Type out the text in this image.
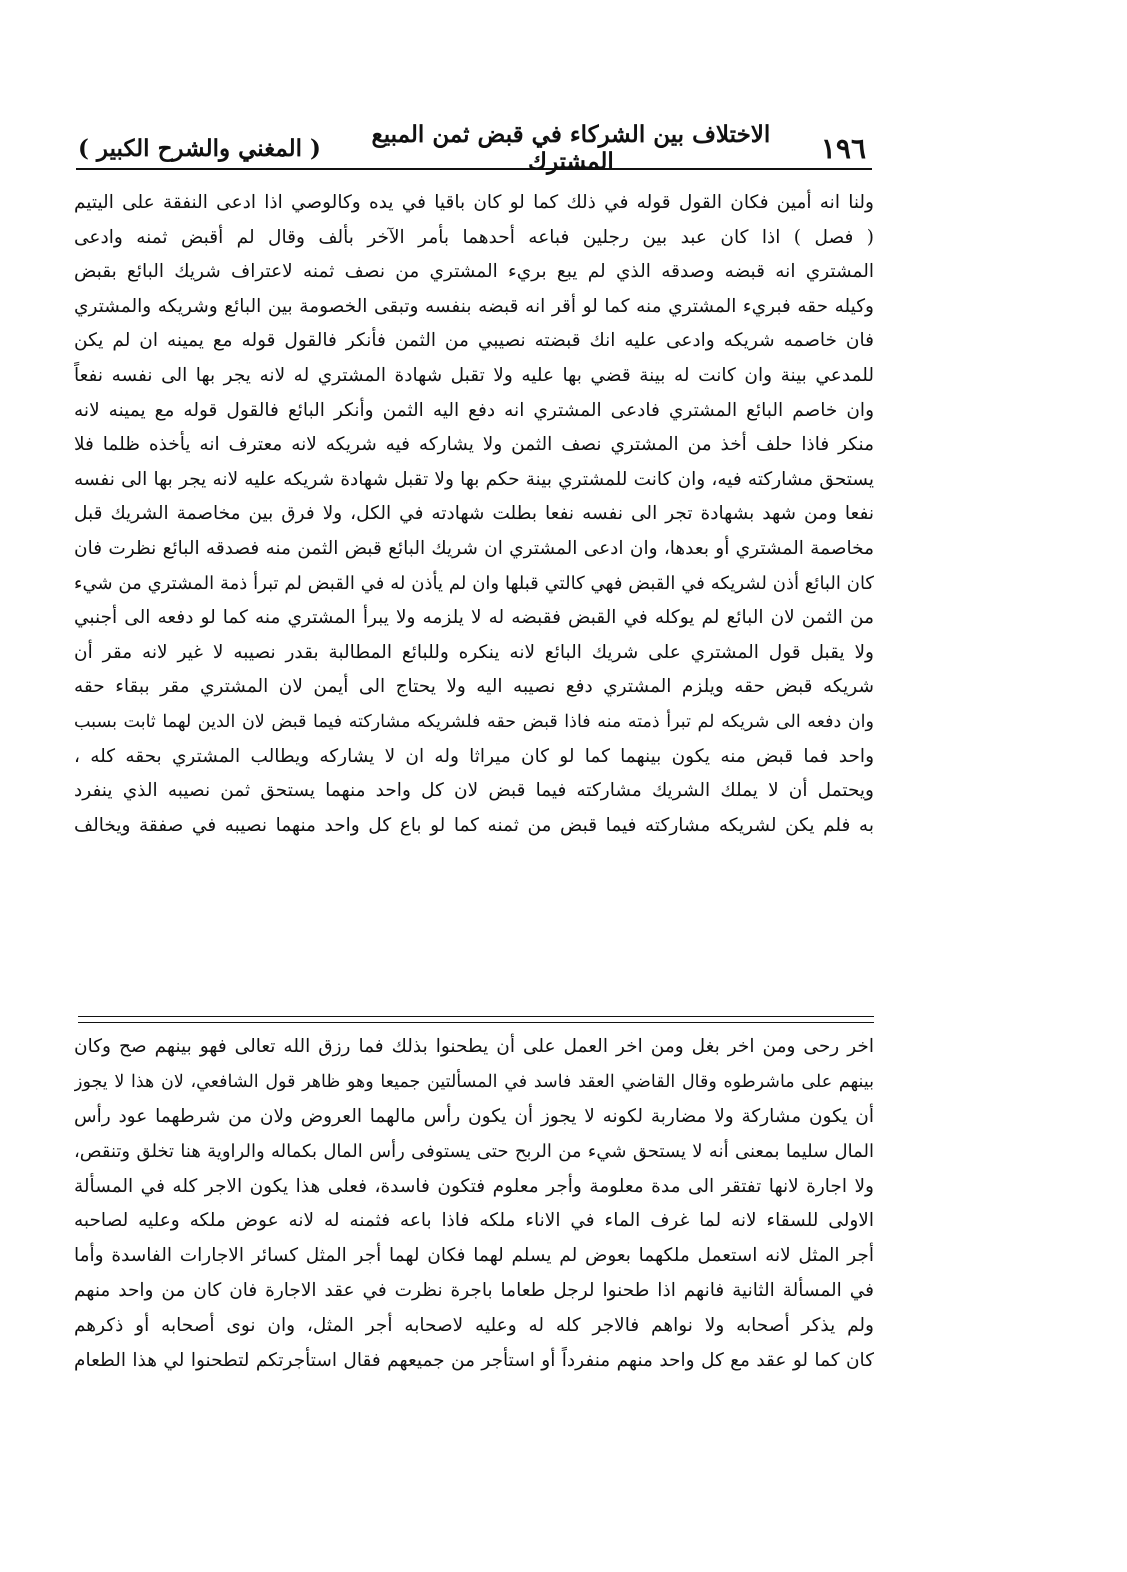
١٩٦
الاختلاف بين الشركاء في قبض ثمن المبيع المشترك
( المغني والشرح الكبير )
ولنا انه أمين فكان القول قوله في ذلك كما لو كان باقيا في يده وكالوصي اذا ادعى النفقة على اليتيم
( فصل ) اذا كان عبد بين رجلين فباعه أحدهما بأمر الآخر بألف وقال لم أقبض ثمنه وادعى
المشتري انه قبضه وصدقه الذي لم يبع بريء المشتري من نصف ثمنه لاعتراف شريك البائع بقبض
وكيله حقه فبريء المشتري منه كما لو أقر انه قبضه بنفسه وتبقى الخصومة بين البائع وشريكه والمشتري
فان خاصمه شريكه وادعى عليه انك قبضته نصيبي من الثمن فأنكر فالقول قوله مع يمينه ان لم يكن
للمدعي بينة وان كانت له بينة قضي بها عليه ولا تقبل شهادة المشتري له لانه يجر بها الى نفسه نفعاً
وان خاصم البائع المشتري فادعى المشتري انه دفع اليه الثمن وأنكر البائع فالقول قوله مع يمينه لانه
منكر فاذا حلف أخذ من المشتري نصف الثمن ولا يشاركه فيه شريكه لانه معترف انه يأخذه ظلما فلا
يستحق مشاركته فيه، وان كانت للمشتري بينة حكم بها ولا تقبل شهادة شريكه عليه لانه يجر بها الى نفسه
نفعا ومن شهد بشهادة تجر الى نفسه نفعا بطلت شهادته في الكل، ولا فرق بين مخاصمة الشريك قبل
مخاصمة المشتري أو بعدها، وان ادعى المشتري ان شريك البائع قبض الثمن منه فصدقه البائع نظرت فان
كان البائع أذن لشريكه في القبض فهي كالتي قبلها وان لم يأذن له في القبض لم تبرأ ذمة المشتري من شيء
من الثمن لان البائع لم يوكله في القبض فقبضه له لا يلزمه ولا يبرأ المشتري منه كما لو دفعه الى أجنبي
ولا يقبل قول المشتري على شريك البائع لانه ينكره وللبائع المطالبة بقدر نصيبه لا غير لانه مقر أن
شريكه قبض حقه ويلزم المشتري دفع نصيبه اليه ولا يحتاج الى أيمن لان المشتري مقر ببقاء حقه
وان دفعه الى شريكه لم تبرأ ذمته منه فاذا قبض حقه فلشريكه مشاركته فيما قبض لان الدين لهما ثابت بسبب
واحد فما قبض منه يكون بينهما كما لو كان ميراثا وله ان لا يشاركه ويطالب المشتري بحقه كله ،
ويحتمل أن لا يملك الشريك مشاركته فيما قبض لان كل واحد منهما يستحق ثمن نصيبه الذي ينفرد
به فلم يكن لشريكه مشاركته فيما قبض من ثمنه كما لو باع كل واحد منهما نصيبه في صفقة ويخالف
اخر رحى ومن اخر بغل ومن اخر العمل على أن يطحنوا بذلك فما رزق الله تعالى فهو بينهم صح وكان
بينهم على ماشرطوه وقال القاضي العقد فاسد في المسألتين جميعا وهو ظاهر قول الشافعي، لان هذا لا يجوز
أن يكون مشاركة ولا مضاربة لكونه لا يجوز أن يكون رأس مالهما العروض ولان من شرطهما عود رأس
المال سليما بمعنى أنه لا يستحق شيء من الربح حتى يستوفى رأس المال بكماله والراوية هنا تخلق وتنقص،
ولا اجارة لانها تفتقر الى مدة معلومة وأجر معلوم فتكون فاسدة، فعلى هذا يكون الاجر كله في المسألة
الاولى للسقاء لانه لما غرف الماء في الاناء ملكه فاذا باعه فثمنه له لانه عوض ملكه وعليه لصاحبه
أجر المثل لانه استعمل ملكهما بعوض لم يسلم لهما فكان لهما أجر المثل كسائر الاجارات الفاسدة وأما
في المسألة الثانية فانهم اذا طحنوا لرجل طعاما باجرة نظرت في عقد الاجارة فان كان من واحد منهم
ولم يذكر أصحابه ولا نواهم فالاجر كله له وعليه لاصحابه أجر المثل، وان نوى أصحابه أو ذكرهم
كان كما لو عقد مع كل واحد منهم منفرداً أو استأجر من جميعهم فقال استأجرتكم لتطحنوا لي هذا الطعام
